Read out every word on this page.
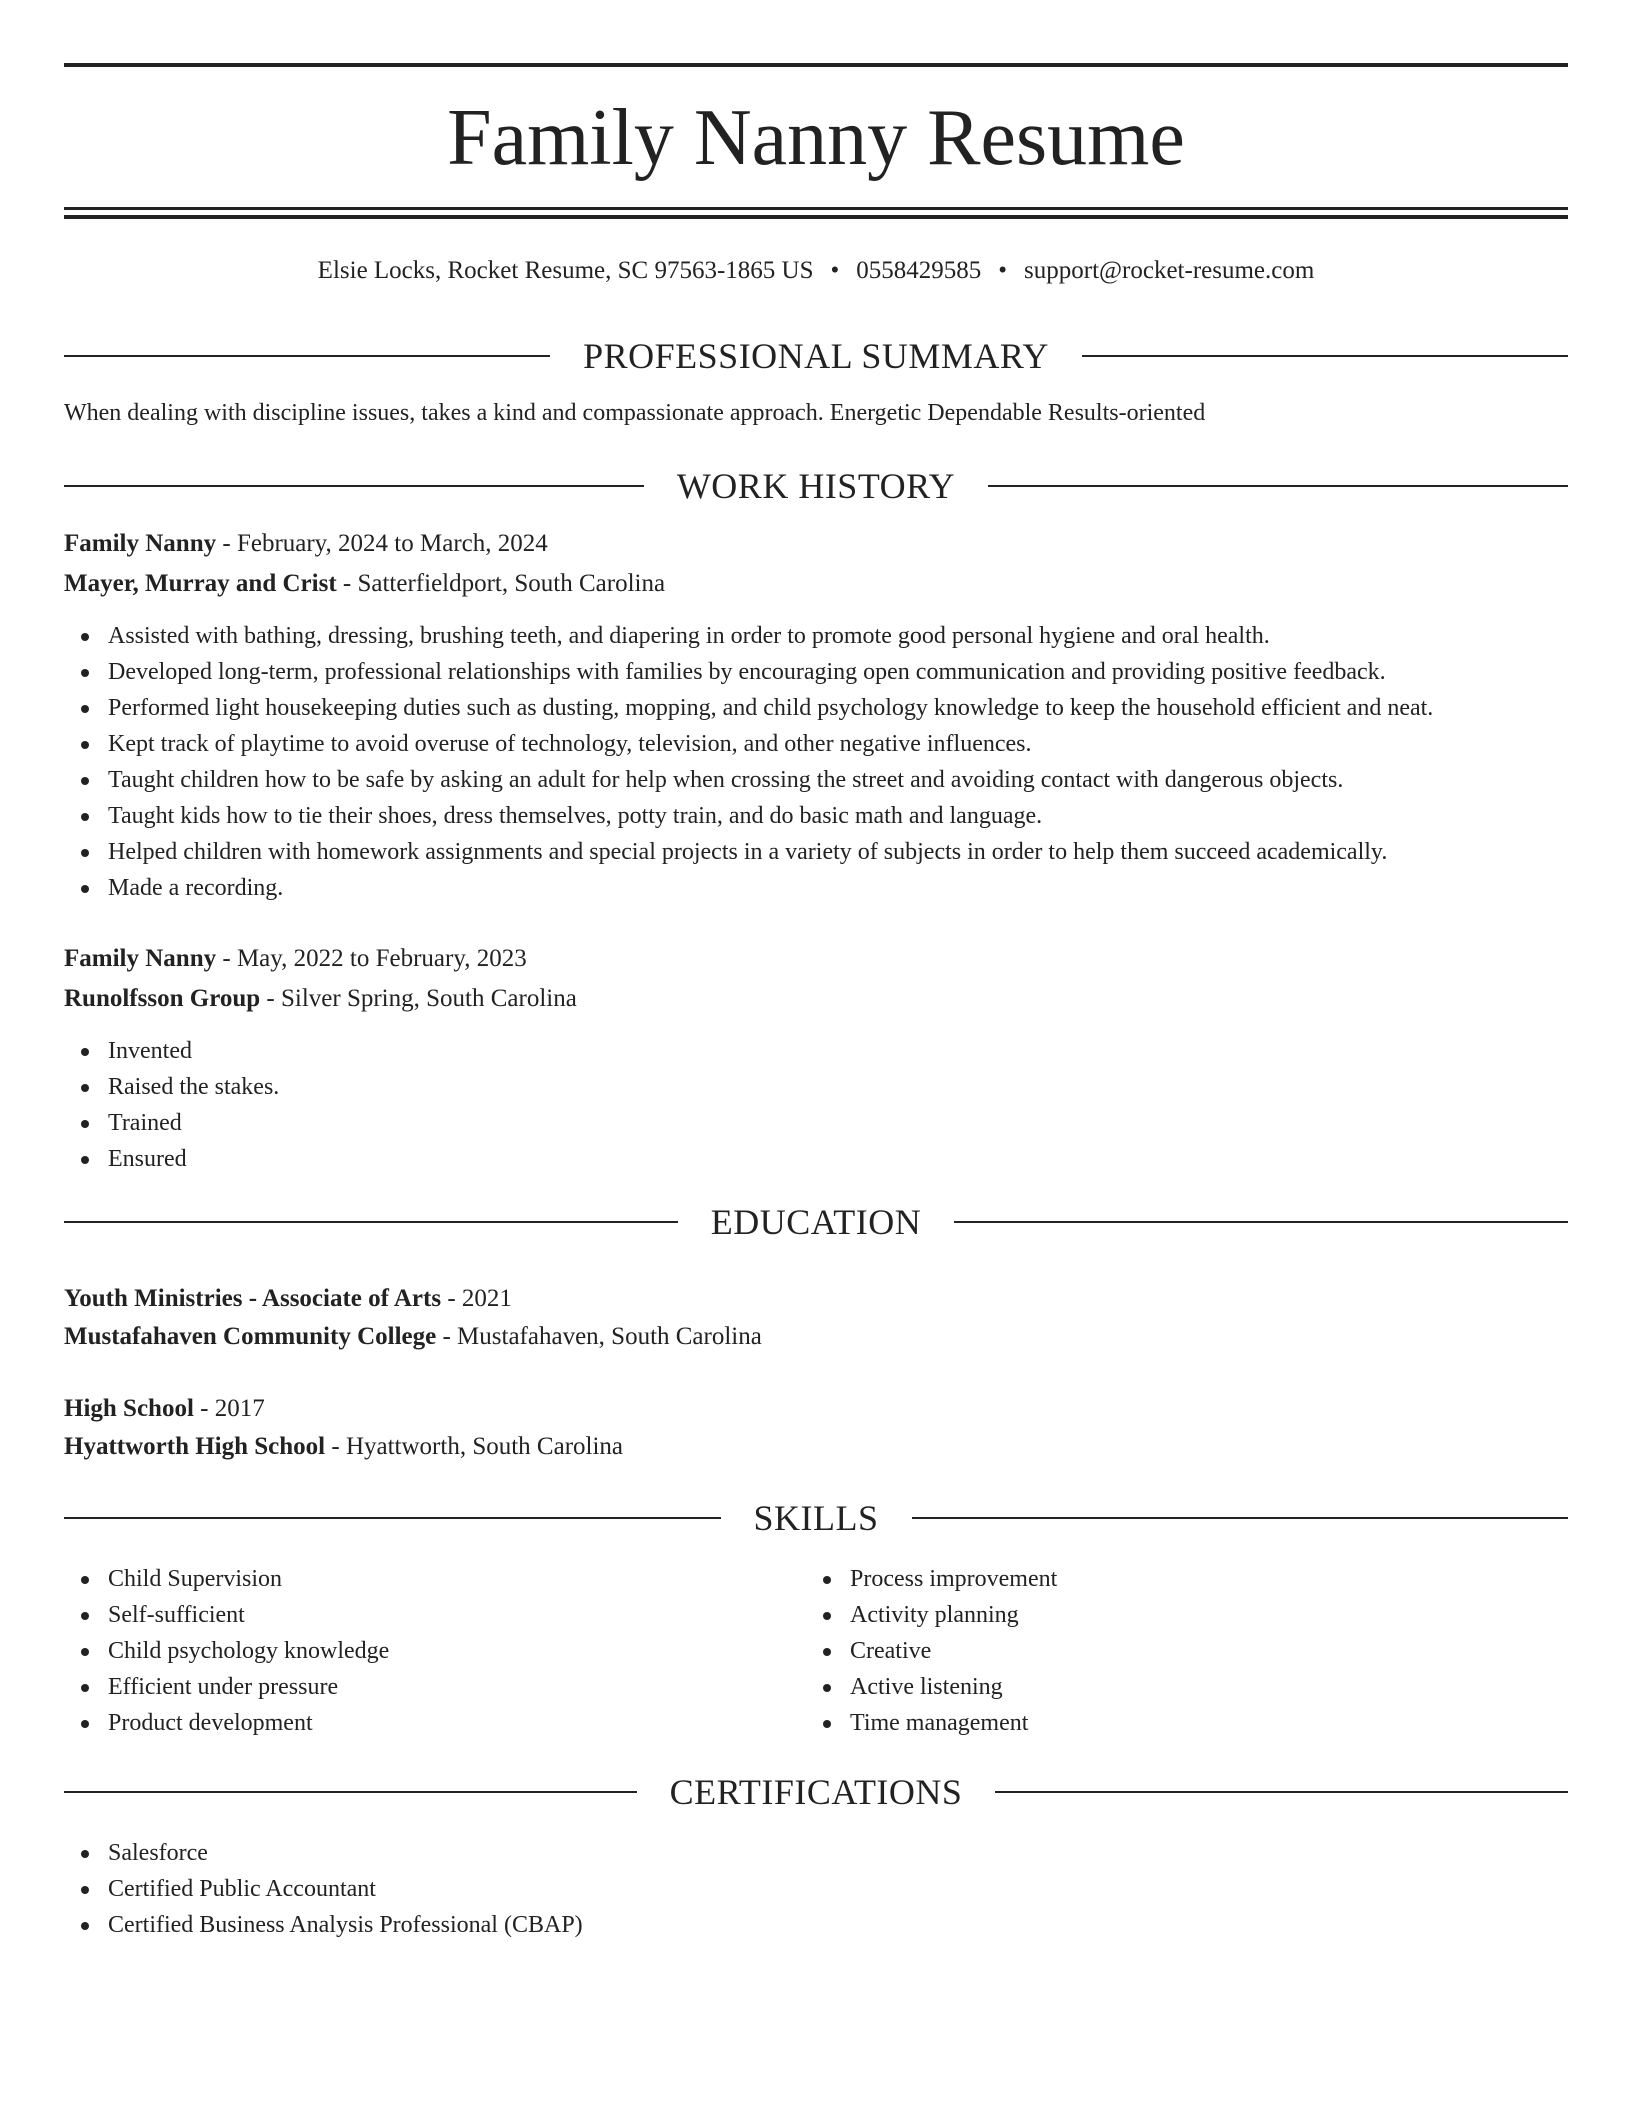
Family Nanny Resume
Elsie Locks, Rocket Resume, SC 97563-1865 US • 0558429585 • support@rocket-resume.com
PROFESSIONAL SUMMARY
When dealing with discipline issues, takes a kind and compassionate approach. Energetic Dependable Results-oriented
WORK HISTORY
Family Nanny - February, 2024 to March, 2024
Mayer, Murray and Crist - Satterfieldport, South Carolina
Assisted with bathing, dressing, brushing teeth, and diapering in order to promote good personal hygiene and oral health.
Developed long-term, professional relationships with families by encouraging open communication and providing positive feedback.
Performed light housekeeping duties such as dusting, mopping, and child psychology knowledge to keep the household efficient and neat.
Kept track of playtime to avoid overuse of technology, television, and other negative influences.
Taught children how to be safe by asking an adult for help when crossing the street and avoiding contact with dangerous objects.
Taught kids how to tie their shoes, dress themselves, potty train, and do basic math and language.
Helped children with homework assignments and special projects in a variety of subjects in order to help them succeed academically.
Made a recording.
Family Nanny - May, 2022 to February, 2023
Runolfsson Group - Silver Spring, South Carolina
Invented
Raised the stakes.
Trained
Ensured
EDUCATION
Youth Ministries - Associate of Arts - 2021
Mustafahaven Community College - Mustafahaven, South Carolina
High School - 2017
Hyattworth High School - Hyattworth, South Carolina
SKILLS
Child Supervision
Self-sufficient
Child psychology knowledge
Efficient under pressure
Product development
Process improvement
Activity planning
Creative
Active listening
Time management
CERTIFICATIONS
Salesforce
Certified Public Accountant
Certified Business Analysis Professional (CBAP)
